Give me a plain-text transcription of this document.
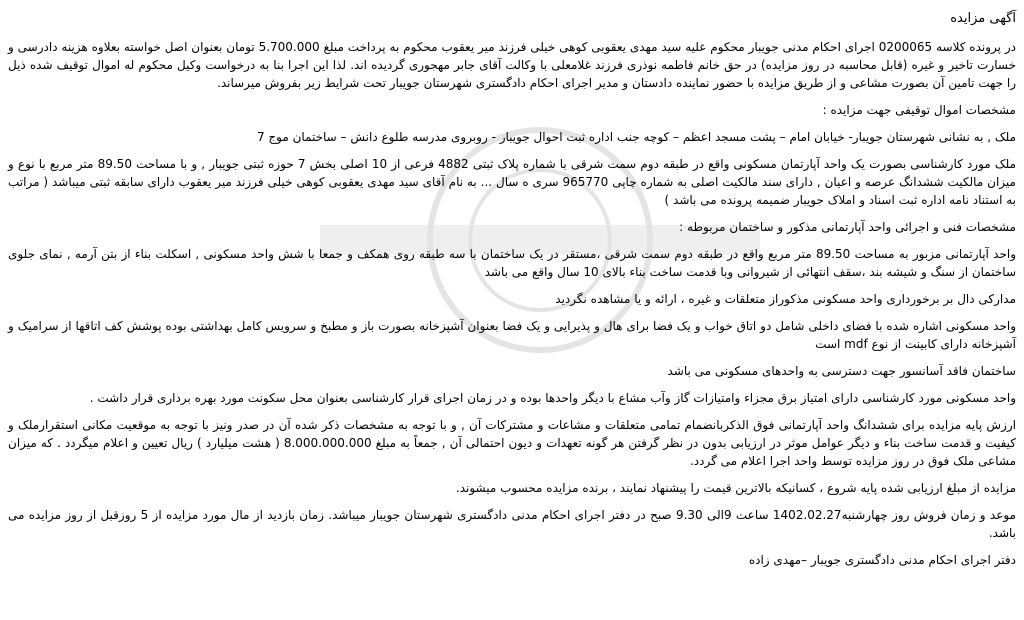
آگهی مزایده

در پرونده کلاسه 0200065 اجرای احکام مدنی جویبار محکوم علیه سید مهدی یعقوبی کوهی خیلی فرزند میر یعقوب محکوم به پرداخت مبلغ 5.700.000 تومان بعنوان اصل خواسته بعلاوه هزینه دادرسی و خسارت تاخیر و غیره (قابل محاسبه در روز مزایده) در حق خانم فاطمه نوذری فرزند غلامعلی با وکالت آقای جابر مهجوری گردیده اند. لذا این اجرا بنا به درخواست وکیل محکوم له اموال توقیف شده ذیل را جهت تامین آن بصورت مشاعی و از طریق مزایده با حضور نماینده دادستان و مدیر اجرای احکام دادگستری شهرستان جویبار تحت شرایط زیر بفروش میرساند.

مشخصات اموال توقیفی جهت مزایده :

ملک , به نشانی شهرستان جویبار- خیابان امام – پشت مسجد اعظم – کوچه جنب اداره ثبت احوال جویبار - روبروی مدرسه طلوع دانش – ساختمان موج 7

ملک مورد کارشناسی بصورت یک واحد آپارتمان مسکونی واقع در طبقه دوم سمت شرقی با شماره پلاک ثبتی 4882 فرعی از 10 اصلی بخش 7 حوزه ثبتی جویبار , و با مساحت 89.50 متر مربع با نوع و میزان مالکیت ششدانگ عرصه و اعیان , دارای سند مالکیت اصلی به شماره چاپی 965770 سری ه سال ... به نام آقای سید مهدی یعقوبی کوهی خیلی فرزند میر یعقوب دارای سابقه ثبتی میباشد ( مراتب به استناد نامه اداره ثبت اسناد و املاک جویبار ضمیمه پرونده می باشد )

مشخصات فنی و اجرائی واحد آپارتمانی مذکور و ساختمان مربوطه :

واحد آپارتمانی مزبور به مساحت 89.50 متر مربع واقع در طبقه دوم سمت شرقی ،مستقر در یک ساختمان با سه طبقه روی همکف و جمعا با شش واحد مسکونی , اسکلت بناء از بتن آرمه , نمای جلوی ساختمان از سنگ و شیشه بند ،سقف انتهائی از شیروانی وبا قدمت ساخت بناء بالای 10 سال واقع می باشد

مدارکی دال بر برخورداری واحد مسکونی مذکوراز متعلقات و غیره ، ارائه و یا مشاهده نگردید

واحد مسکونی اشاره شده با فضای داخلی شامل دو اتاق خواب و یک فضا برای هال و پذیرایی و یک فضا بعنوان آشپزخانه بصورت باز و مطبخ و سرویس کامل بهداشتی بوده پوشش کف اتاقها از سرامیک و آشپزخانه دارای کابینت از نوع mdf است

ساختمان فاقد آسانسور جهت دسترسی به واحدهای مسکونی می باشد

واحد مسکونی مورد کارشناسی دارای امتیاز برق مجزاء وامتیازات گاز وآب مشاع با دیگر واحدها بوده و در زمان اجرای قرار کارشناسی بعنوان محل سکونت مورد بهره برداری قرار داشت .

ارزش پایه مزایده برای ششدانگ واحد آپارتمانی فوق الذکربانضمام تمامی متعلقات و مشاعات و مشترکات آن , و با توجه به مشخصات ذکر شده آن در صدر ونیز با توجه به موقعیت مکانی استقرارملک و کیفیت و قدمت ساخت بناء و دیگر عوامل موثر در ارزیابی بدون در نظر گرفتن هر گونه تعهدات و دیون احتمالی آن , جمعاً به مبلغ 8.000.000.000 ( هشت میلیارد ) ریال تعیین و اعلام میگردد . که میزان مشاعی ملک فوق در روز مزایده توسط واحد اجرا اعلام می گردد.

مزایده از مبلغ ارزیابی شده پایه شروع ، کسانیکه بالاترین قیمت را پیشنهاد نمایند ، برنده مزایده محسوب میشوند.

موعد و زمان فروش روز چهارشنبه1402.02.27 ساعت 9الی 9.30 صبح در دفتر اجرای احکام مدنی دادگستری شهرستان جویبار میباشد. زمان بازدید از مال مورد مزایده از 5 روزقبل از روز مزایده می باشد.

دفتر اجرای احکام مدنی دادگستری جویبار –مهدی زاده
